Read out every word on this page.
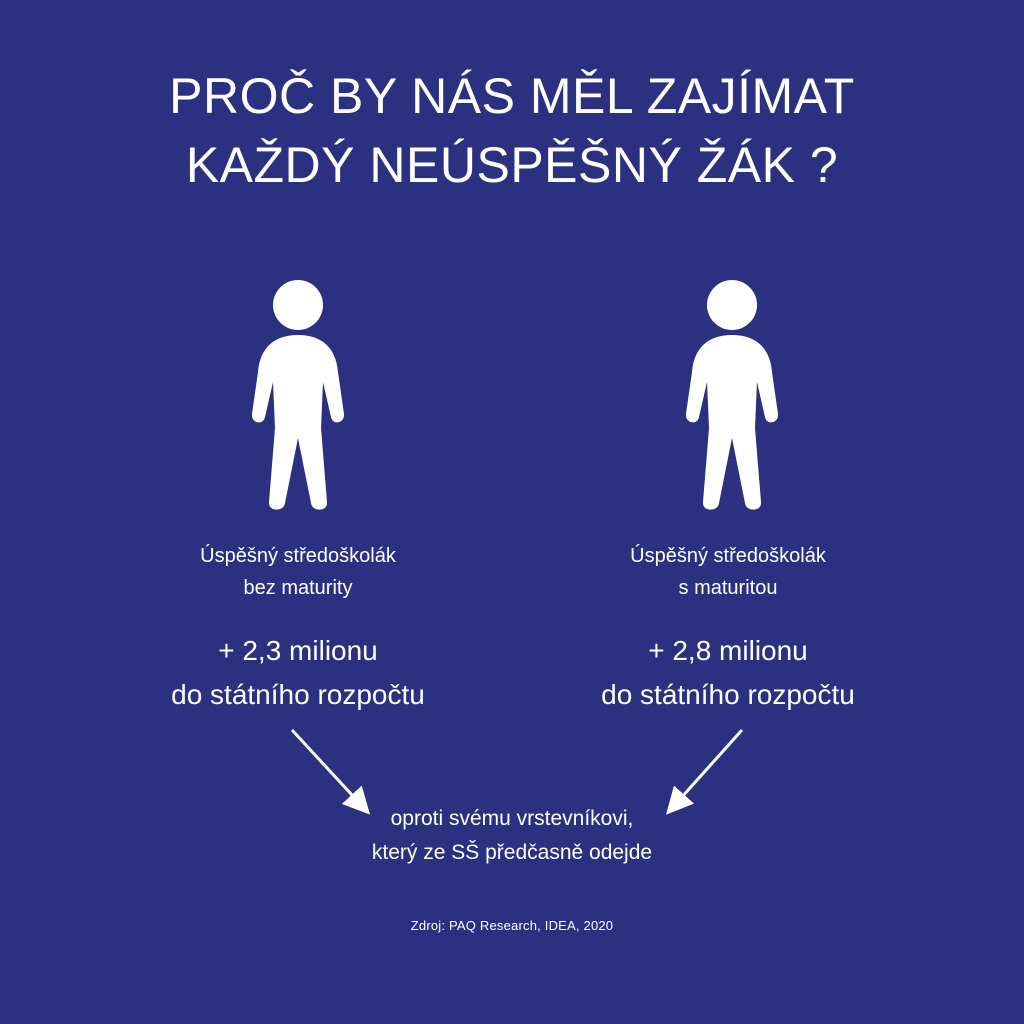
PROČ BY NÁS MĚL ZAJÍMAT
KAŽDÝ NEÚSPĚŠNÝ ŽÁK ?
Úspěšný středoškolák
bez maturity
+ 2,3 milionu
do státního rozpočtu
Úspěšný středoškolák
s maturitou
+ 2,8 milionu
do státního rozpočtu
oproti svému vrstevníkovi,
který ze SŠ předčasně odejde
Zdroj: PAQ Research, IDEA, 2020
